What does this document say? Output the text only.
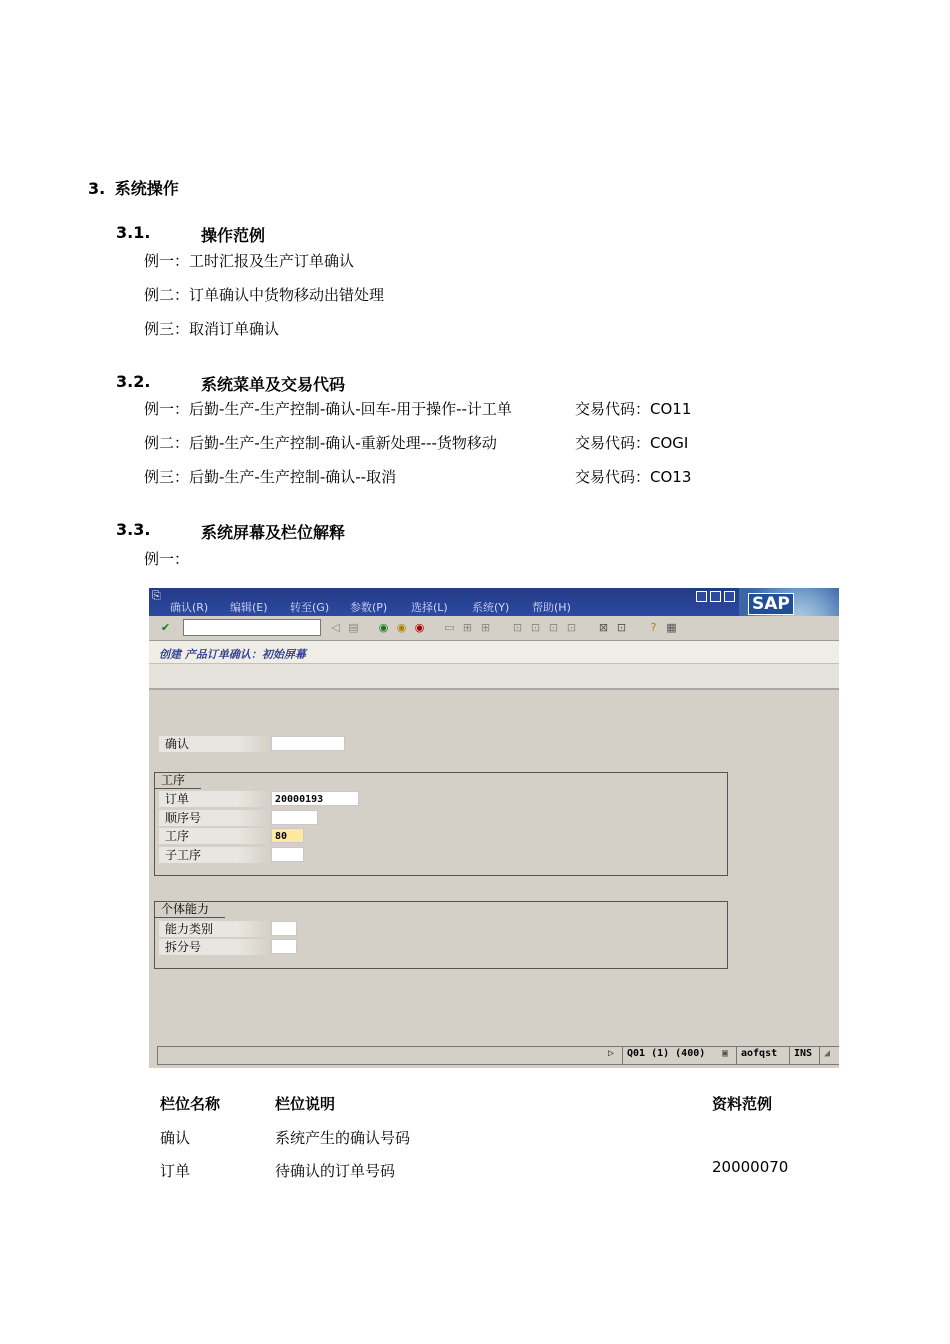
3. 系统操作
3.1.	操作范例
例一：工时汇报及生产订单确认
例二：订单确认中货物移动出错处理
例三：取消订单确认
3.2.	系统菜单及交易代码
例一：后勤-生产-生产控制-确认-回车-用于操作--计工单	交易代码：CO11
例二：后勤-生产-生产控制-确认-重新处理---货物移动	交易代码：COGI
例三：后勤-生产-生产控制-确认--取消	交易代码：CO13
3.3.	系统屏幕及栏位解释
例一：
⎘
确认(R) 编辑(E) 转至(G) 参数(P) 选择(L) 系统(Y) 帮助(H)	SAP
✔	◁ ▤ ◉ ◉ ◉ ▭ ⊞ ⊞ ⊡ ⊡ ⊡ ⊡ ⊠ ⊡	? ▦
创建 产品订单确认：初始屏幕
确认
工序
订单	20000193
顺序号
工序	80
子工序
个体能力
能力类别
拆分号
▷ Q01 (1) (400) ▣ aofqst INS ◢
栏位名称	栏位说明	资料范例
确认	系统产生的确认号码
订单	待确认的订单号码	20000070
